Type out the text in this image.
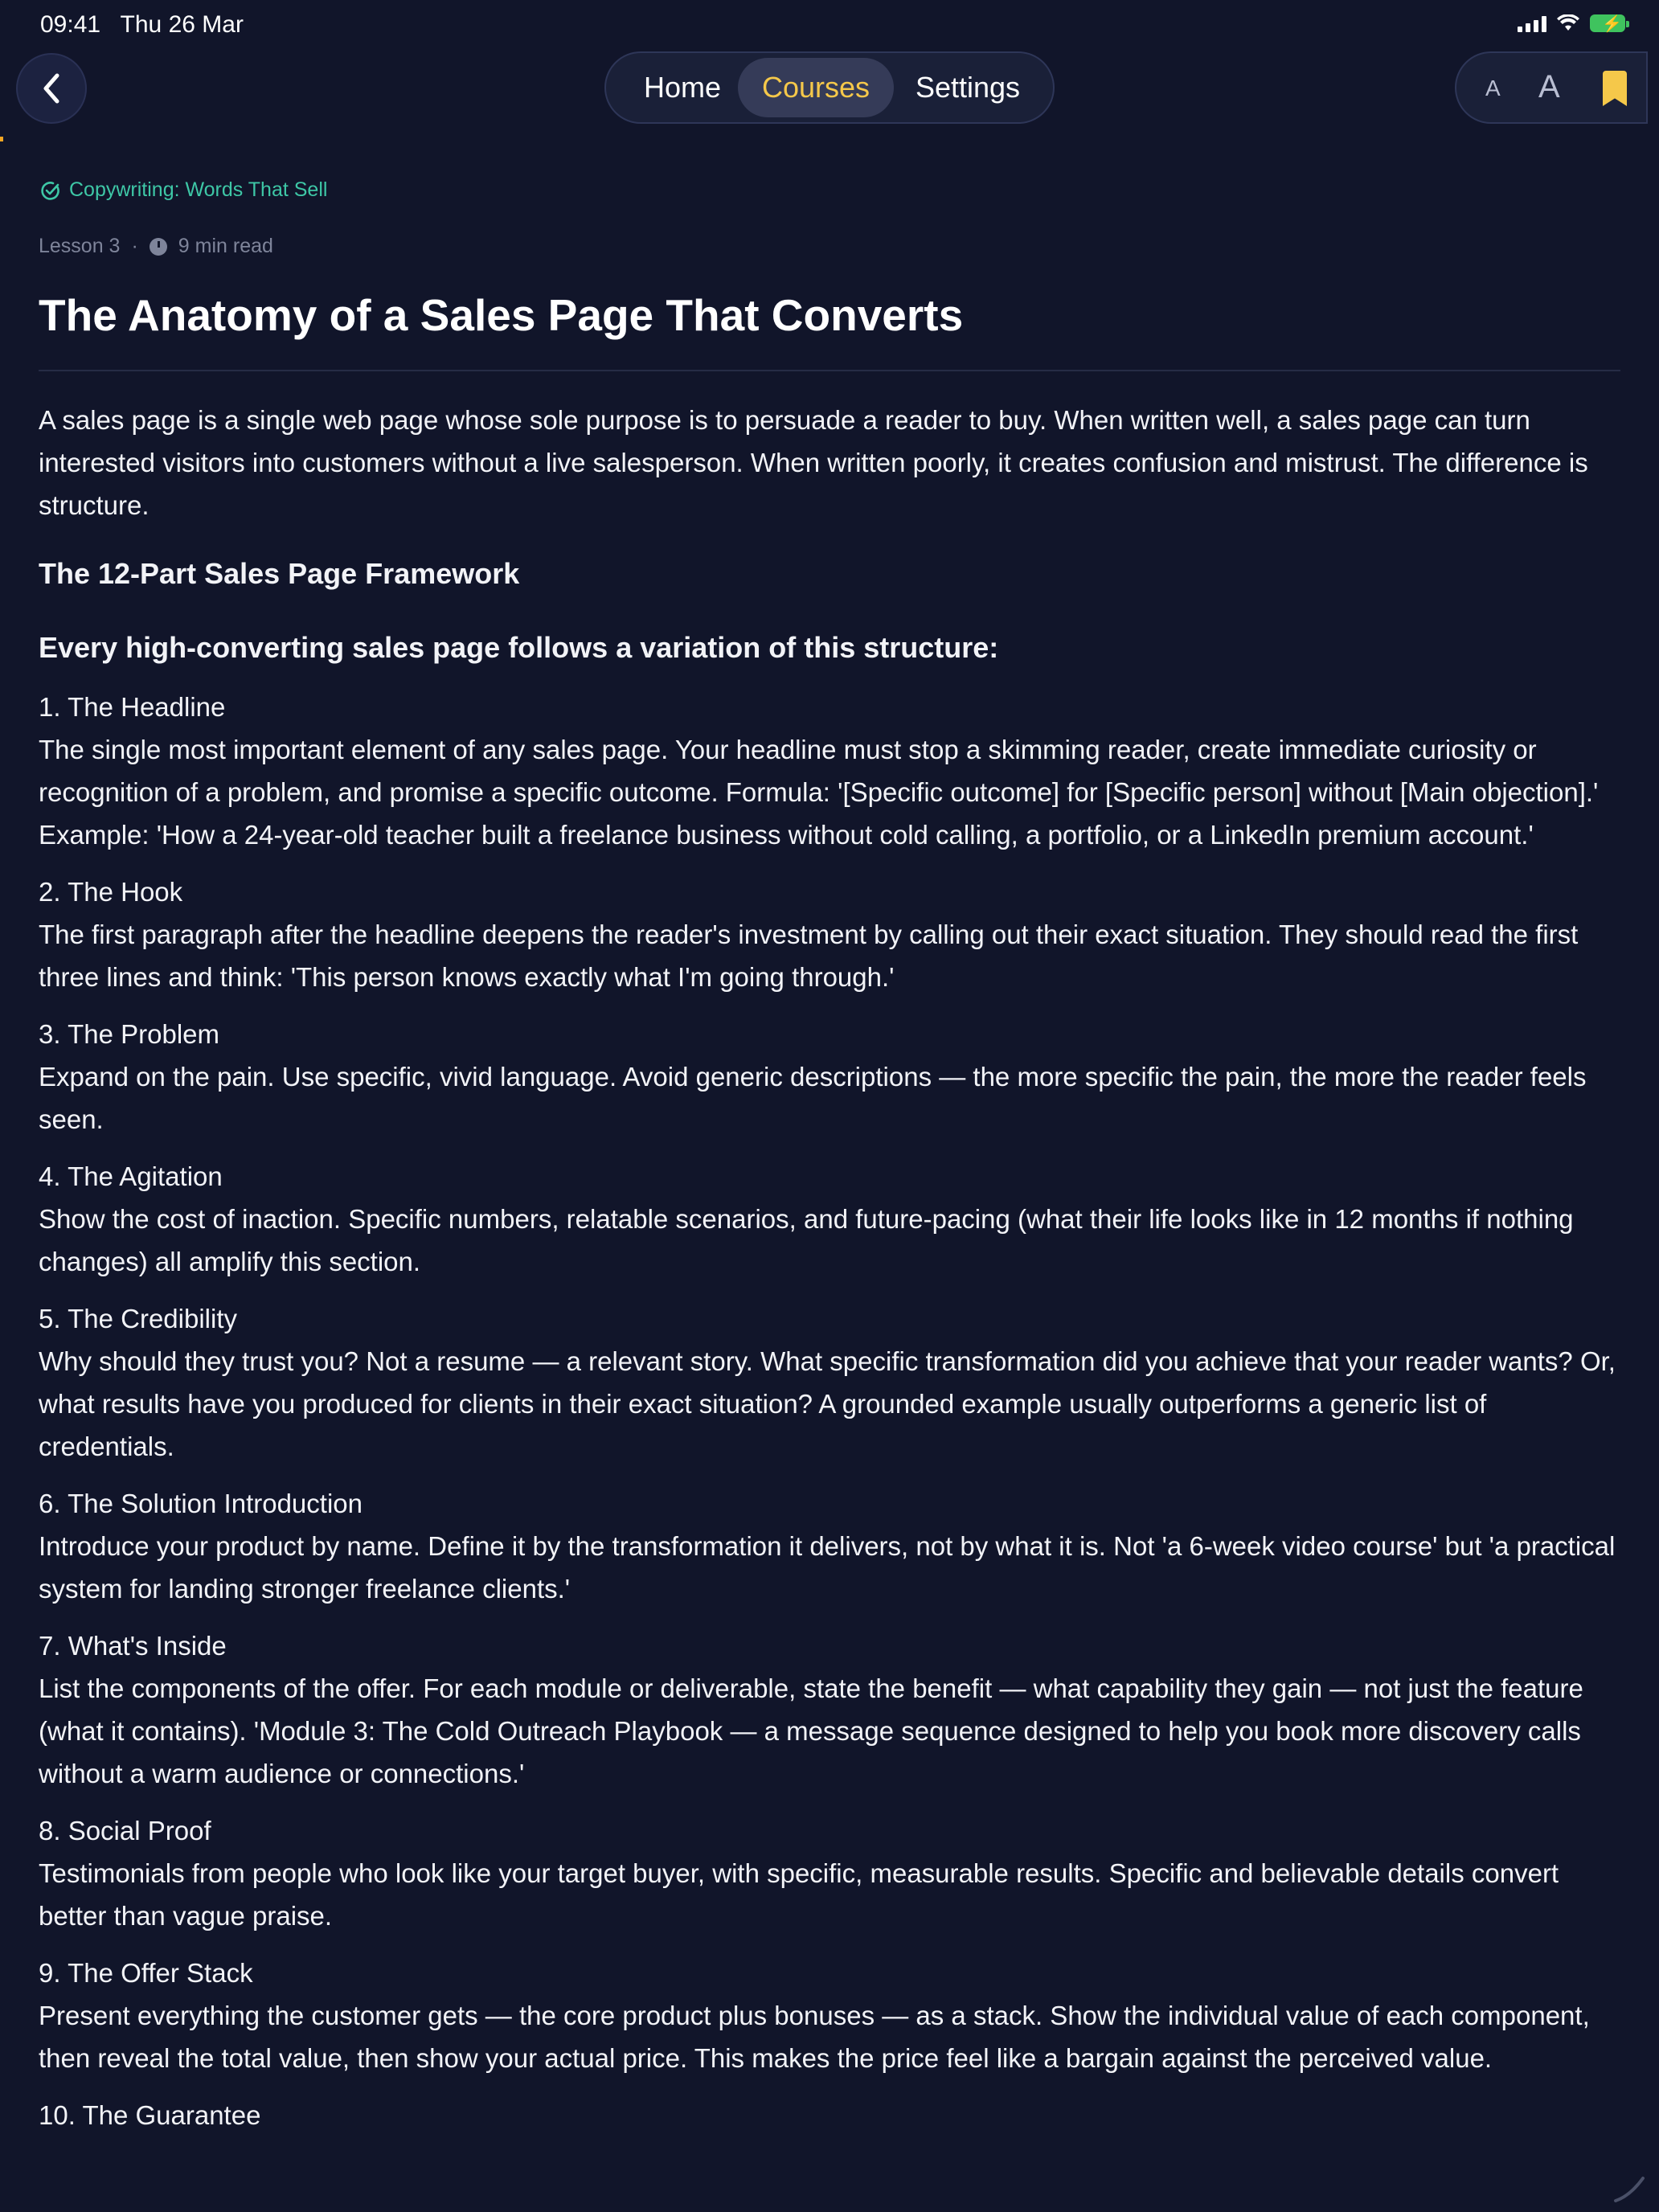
09:41 Thu 26 Mar	⚡
Home	Courses	Settings	A A
Copywriting: Words That Sell
Lesson 3 · 9 min read
The Anatomy of a Sales Page That Converts

A sales page is a single web page whose sole purpose is to persuade a reader to buy. When written well, a sales page can turn interested visitors into customers without a live salesperson. When written poorly, it creates confusion and mistrust. The difference is structure.

The 12-Part Sales Page Framework

Every high-converting sales page follows a variation of this structure:

1. The Headline
The single most important element of any sales page. Your headline must stop a skimming reader, create immediate curiosity or recognition of a problem, and promise a specific outcome. Formula: '[Specific outcome] for [Specific person] without [Main objection].' Example: 'How a 24-year-old teacher built a freelance business without cold calling, a portfolio, or a LinkedIn premium account.'
2. The Hook
The first paragraph after the headline deepens the reader's investment by calling out their exact situation. They should read the first three lines and think: 'This person knows exactly what I'm going through.'
3. The Problem
Expand on the pain. Use specific, vivid language. Avoid generic descriptions — the more specific the pain, the more the reader feels seen.
4. The Agitation
Show the cost of inaction. Specific numbers, relatable scenarios, and future-pacing (what their life looks like in 12 months if nothing changes) all amplify this section.
5. The Credibility
Why should they trust you? Not a resume — a relevant story. What specific transformation did you achieve that your reader wants? Or, what results have you produced for clients in their exact situation? A grounded example usually outperforms a generic list of credentials.
6. The Solution Introduction
Introduce your product by name. Define it by the transformation it delivers, not by what it is. Not 'a 6-week video course' but 'a practical system for landing stronger freelance clients.'
7. What's Inside
List the components of the offer. For each module or deliverable, state the benefit — what capability they gain — not just the feature (what it contains). 'Module 3: The Cold Outreach Playbook — a message sequence designed to help you book more discovery calls without a warm audience or connections.'
8. Social Proof
Testimonials from people who look like your target buyer, with specific, measurable results. Specific and believable details convert better than vague praise.
9. The Offer Stack
Present everything the customer gets — the core product plus bonuses — as a stack. Show the individual value of each component, then reveal the total value, then show your actual price. This makes the price feel like a bargain against the perceived value.
10. The Guarantee
